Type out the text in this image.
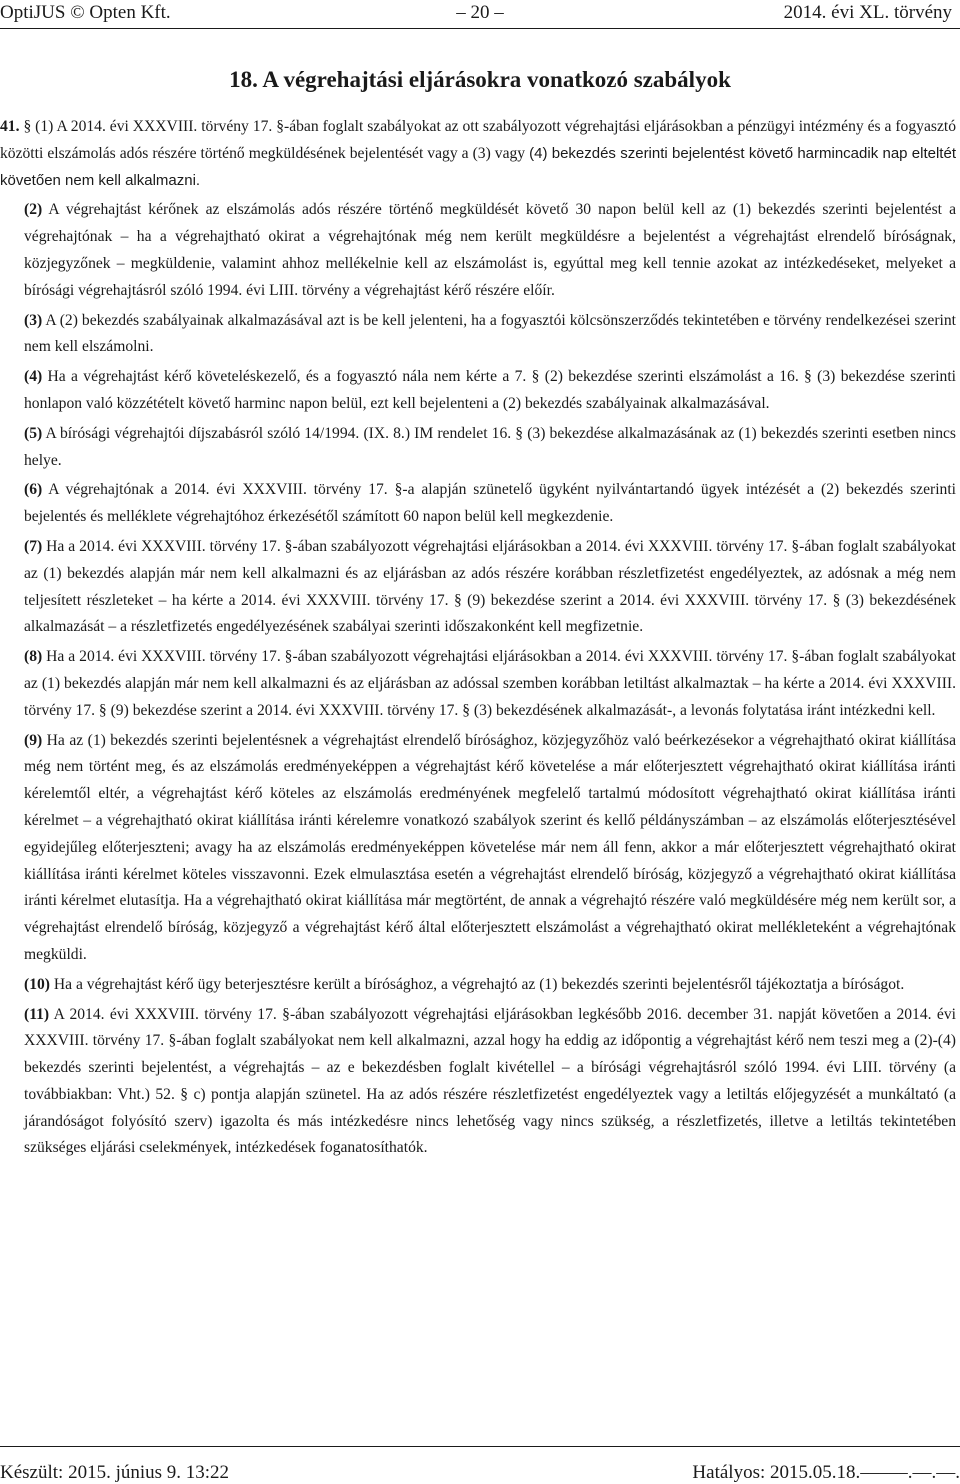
OptiJUS © Opten Kft.	– 20 –	2014. évi XL. törvény
18. A végrehajtási eljárásokra vonatkozó szabályok

41. § (1) A 2014. évi XXXVIII. törvény 17. §-ában foglalt szabályokat az ott szabályozott végrehajtási eljárásokban a pénzügyi intézmény és a fogyasztó közötti elszámolás adós részére történő megküldésének bejelentését vagy a (3) vagy (4) bekezdés szerinti bejelentést követő harmincadik nap elteltét követően nem kell alkalmazni.

(2) A végrehajtást kérőnek az elszámolás adós részére történő megküldését követő 30 napon belül kell az (1) bekezdés szerinti bejelentést a végrehajtónak – ha a végrehajtható okirat a végrehajtónak még nem került megküldésre a bejelentést a végrehajtást elrendelő bíróságnak, közjegyzőnek – megküldenie, valamint ahhoz mellékelnie kell az elszámolást is, egyúttal meg kell tennie azokat az intézkedéseket, melyeket a bírósági végrehajtásról szóló 1994. évi LIII. törvény a végrehajtást kérő részére előír.

(3) A (2) bekezdés szabályainak alkalmazásával azt is be kell jelenteni, ha a fogyasztói kölcsönszerződés tekintetében e törvény rendelkezései szerint nem kell elszámolni.

(4) Ha a végrehajtást kérő követeléskezelő, és a fogyasztó nála nem kérte a 7. § (2) bekezdése szerinti elszámolást a 16. § (3) bekezdése szerinti honlapon való közzétételt követő harminc napon belül, ezt kell bejelenteni a (2) bekezdés szabályainak alkalmazásával.

(5) A bírósági végrehajtói díjszabásról szóló 14/1994. (IX. 8.) IM rendelet 16. § (3) bekezdése alkalmazásának az (1) bekezdés szerinti esetben nincs helye.

(6) A végrehajtónak a 2014. évi XXXVIII. törvény 17. §-a alapján szünetelő ügyként nyilvántartandó ügyek intézését a (2) bekezdés szerinti bejelentés és melléklete végrehajtóhoz érkezésétől számított 60 napon belül kell megkezdenie.

(7) Ha a 2014. évi XXXVIII. törvény 17. §-ában szabályozott végrehajtási eljárásokban a 2014. évi XXXVIII. törvény 17. §-ában foglalt szabályokat az (1) bekezdés alapján már nem kell alkalmazni és az eljárásban az adós részére korábban részletfizetést engedélyeztek, az adósnak a még nem teljesített részleteket – ha kérte a 2014. évi XXXVIII. törvény 17. § (9) bekezdése szerint a 2014. évi XXXVIII. törvény 17. § (3) bekezdésének alkalmazását – a részletfizetés engedélyezésének szabályai szerinti időszakonként kell megfizetnie.

(8) Ha a 2014. évi XXXVIII. törvény 17. §-ában szabályozott végrehajtási eljárásokban a 2014. évi XXXVIII. törvény 17. §-ában foglalt szabályokat az (1) bekezdés alapján már nem kell alkalmazni és az eljárásban az adóssal szemben korábban letiltást alkalmaztak – ha kérte a 2014. évi XXXVIII. törvény 17. § (9) bekezdése szerint a 2014. évi XXXVIII. törvény 17. § (3) bekezdésének alkalmazását-, a levonás folytatása iránt intézkedni kell.

(9) Ha az (1) bekezdés szerinti bejelentésnek a végrehajtást elrendelő bírósághoz, közjegyzőhöz való beérkezésekor a végrehajtható okirat kiállítása még nem történt meg, és az elszámolás eredményeképpen a végrehajtást kérő követelése a már előterjesztett végrehajtható okirat kiállítása iránti kérelemtől eltér, a végrehajtást kérő köteles az elszámolás eredményének megfelelő tartalmú módosított végrehajtható okirat kiállítása iránti kérelmet – a végrehajtható okirat kiállítása iránti kérelemre vonatkozó szabályok szerint és kellő példányszámban – az elszámolás előterjesztésével egyidejűleg előterjeszteni; avagy ha az elszámolás eredményeképpen követelése már nem áll fenn, akkor a már előterjesztett végrehajtható okirat kiállítása iránti kérelmet köteles visszavonni. Ezek elmulasztása esetén a végrehajtást elrendelő bíróság, közjegyző a végrehajtható okirat kiállítása iránti kérelmet elutasítja. Ha a végrehajtható okirat kiállítása már megtörtént, de annak a végrehajtó részére való megküldésére még nem került sor, a végrehajtást elrendelő bíróság, közjegyző a végrehajtást kérő által előterjesztett elszámolást a végrehajtható okirat mellékleteként a végrehajtónak megküldi.

(10) Ha a végrehajtást kérő ügy beterjesztésre került a bírósághoz, a végrehajtó az (1) bekezdés szerinti bejelentésről tájékoztatja a bíróságot.

(11) A 2014. évi XXXVIII. törvény 17. §-ában szabályozott végrehajtási eljárásokban legkésőbb 2016. december 31. napját követően a 2014. évi XXXVIII. törvény 17. §-ában foglalt szabályokat nem kell alkalmazni, azzal hogy ha eddig az időpontig a végrehajtást kérő nem teszi meg a (2)-(4) bekezdés szerinti bejelentést, a végrehajtás – az e bekezdésben foglalt kivétellel – a bírósági végrehajtásról szóló 1994. évi LIII. törvény (a továbbiakban: Vht.) 52. § c) pontja alapján szünetel. Ha az adós részére részletfizetést engedélyeztek vagy a letiltás előjegyzését a munkáltató (a járandóságot folyósító szerv) igazolta és más intézkedésre nincs lehetőség vagy nincs szükség, a részletfizetés, illetve a letiltás tekintetében szükséges eljárási cselekmények, intézkedések foganatosíthatók.

Készült: 2015. június 9. 13:22	Hatályos: 2015.05.18.–––––.––.––.
